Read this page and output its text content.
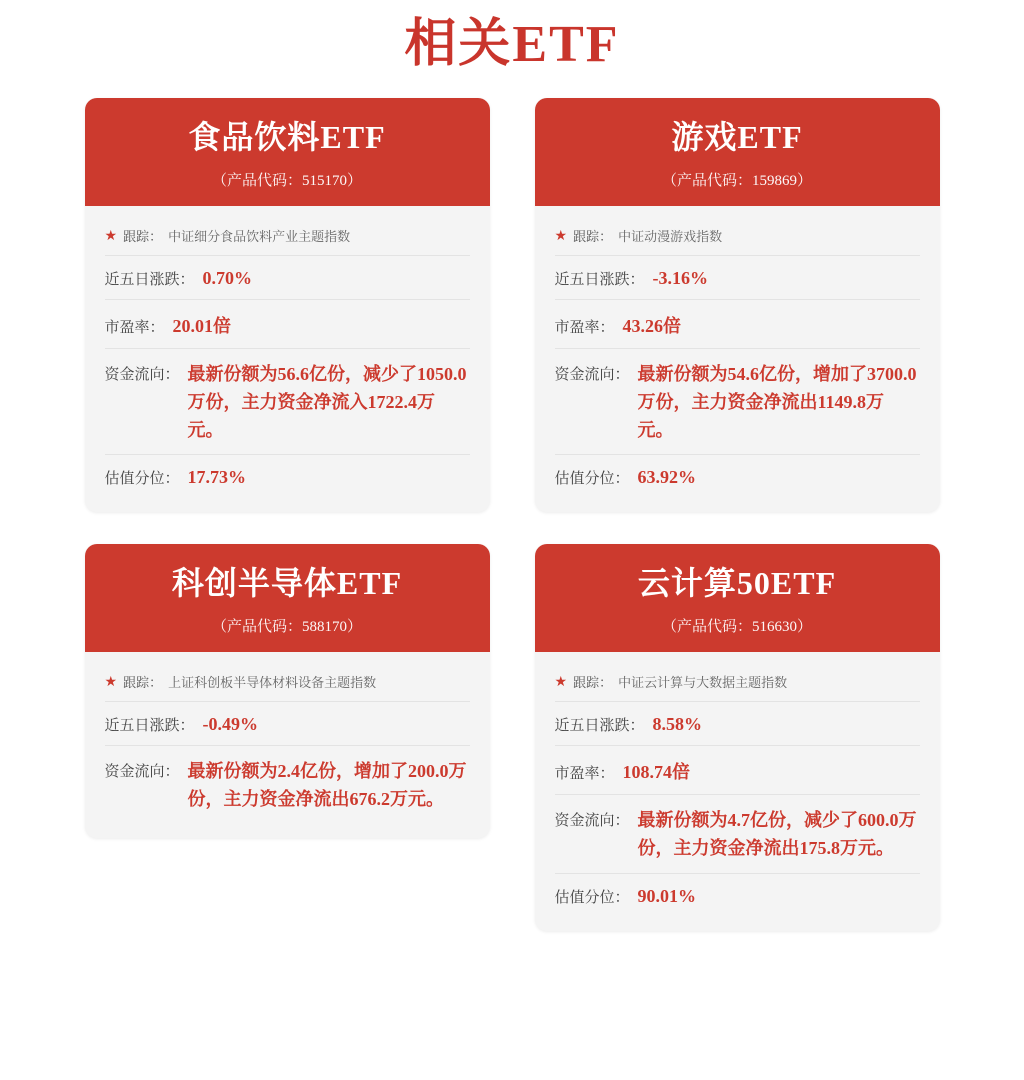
相关ETF
食品饮料ETF
（产品代码：515170）
★ 跟踪： 中证细分食品饮料产业主题指数
近五日涨跌： 0.70%
市盈率： 20.01倍
资金流向： 最新份额为56.6亿份，减少了1050.0万份，主力资金净流入1722.4万元。
估值分位： 17.73%
游戏ETF
（产品代码：159869）
★ 跟踪： 中证动漫游戏指数
近五日涨跌： -3.16%
市盈率： 43.26倍
资金流向： 最新份额为54.6亿份，增加了3700.0万份，主力资金净流出1149.8万元。
估值分位： 63.92%
科创半导体ETF
（产品代码：588170）
★ 跟踪： 上证科创板半导体材料设备主题指数
近五日涨跌： -0.49%
资金流向： 最新份额为2.4亿份，增加了200.0万份，主力资金净流出676.2万元。
云计算50ETF
（产品代码：516630）
★ 跟踪： 中证云计算与大数据主题指数
近五日涨跌： 8.58%
市盈率： 108.74倍
资金流向： 最新份额为4.7亿份，减少了600.0万份，主力资金净流出175.8万元。
估值分位： 90.01%
